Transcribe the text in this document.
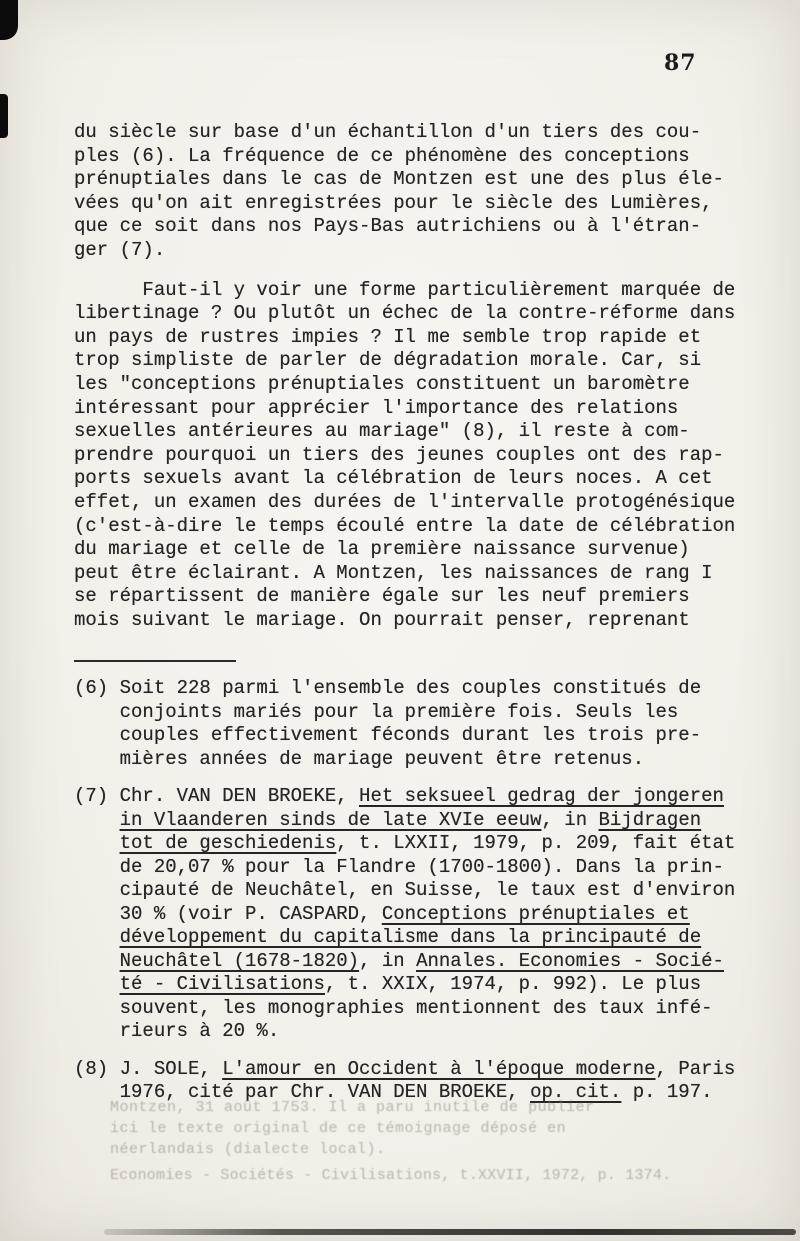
87
du siècle sur base d'un échantillon d'un tiers des cou-
ples (6). La fréquence de ce phénomène des conceptions
prénuptiales dans le cas de Montzen est une des plus éle-
vées qu'on ait enregistrées pour le siècle des Lumières,
que ce soit dans nos Pays-Bas autrichiens ou à l'étran-
ger (7).
Faut-il y voir une forme particulièrement marquée de
libertinage ? Ou plutôt un échec de la contre-réforme dans
un pays de rustres impies ? Il me semble trop rapide et
trop simpliste de parler de dégradation morale. Car, si
les "conceptions prénuptiales constituent un baromètre
intéressant pour apprécier l'importance des relations
sexuelles antérieures au mariage" (8), il reste à com-
prendre pourquoi un tiers des jeunes couples ont des rap-
ports sexuels avant la célébration de leurs noces. A cet
effet, un examen des durées de l'intervalle protogénésique
(c'est-à-dire le temps écoulé entre la date de célébration
du mariage et celle de la première naissance survenue)
peut être éclairant. A Montzen, les naissances de rang I
se répartissent de manière égale sur les neuf premiers
mois suivant le mariage. On pourrait penser, reprenant
(6) Soit 228 parmi l'ensemble des couples constitués de
conjoints mariés pour la première fois. Seuls les
couples effectivement féconds durant les trois pre-
mières années de mariage peuvent être retenus.
(7) Chr. VAN DEN BROEKE, Het seksueel gedrag der jongeren
in Vlaanderen sinds de late XVIe eeuw, in Bijdragen
tot de geschiedenis, t. LXXII, 1979, p. 209, fait état
de 20,07 % pour la Flandre (1700-1800). Dans la prin-
cipauté de Neuchâtel, en Suisse, le taux est d'environ
30 % (voir P. CASPARD, Conceptions prénuptiales et
développement du capitalisme dans la principauté de
Neuchâtel (1678-1820), in Annales. Economies - Socié-
té - Civilisations, t. XXIX, 1974, p. 992). Le plus
souvent, les monographies mentionnent des taux infé-
rieurs à 20 %.
(8) J. SOLE, L'amour en Occident à l'époque moderne, Paris
1976, cité par Chr. VAN DEN BROEKE, op. cit. p. 197.
Montzen, 31 août 1753. Il a paru inutile de publier
ici le texte original de ce témoignage déposé en
néerlandais (dialecte local).
Economies - Sociétés - Civilisations, t.XXVII, 1972, p. 1374.
